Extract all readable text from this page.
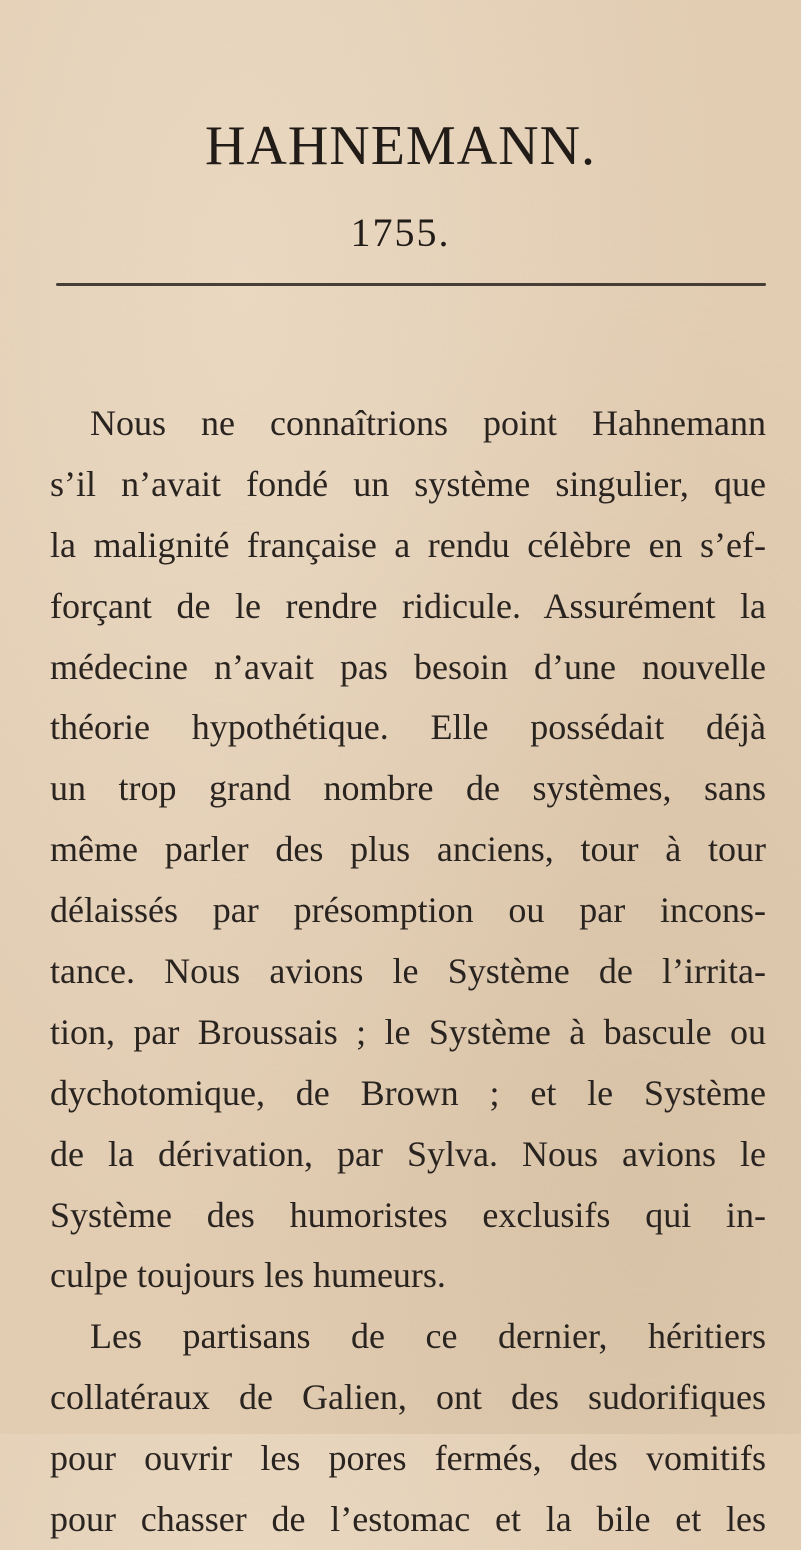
HAHNEMANN.
1755.
Nous ne connaîtrions point Hahnemann
s’il n’avait fondé un système singulier, que
la malignité française a rendu célèbre en s’ef-
forçant de le rendre ridicule. Assurément la
médecine n’avait pas besoin d’une nouvelle
théorie hypothétique. Elle possédait déjà
un trop grand nombre de systèmes, sans
même parler des plus anciens, tour à tour
délaissés par présomption ou par incons-
tance. Nous avions le Système de l’irrita-
tion, par Broussais ; le Système à bascule ou
dychotomique, de Brown ; et le Système
de la dérivation, par Sylva. Nous avions le
Système des humoristes exclusifs qui in-
culpe toujours les humeurs.
Les partisans de ce dernier, héritiers
collatéraux de Galien, ont des sudorifiques
pour ouvrir les pores fermés, des vomitifs
pour chasser de l’estomac et la bile et les
